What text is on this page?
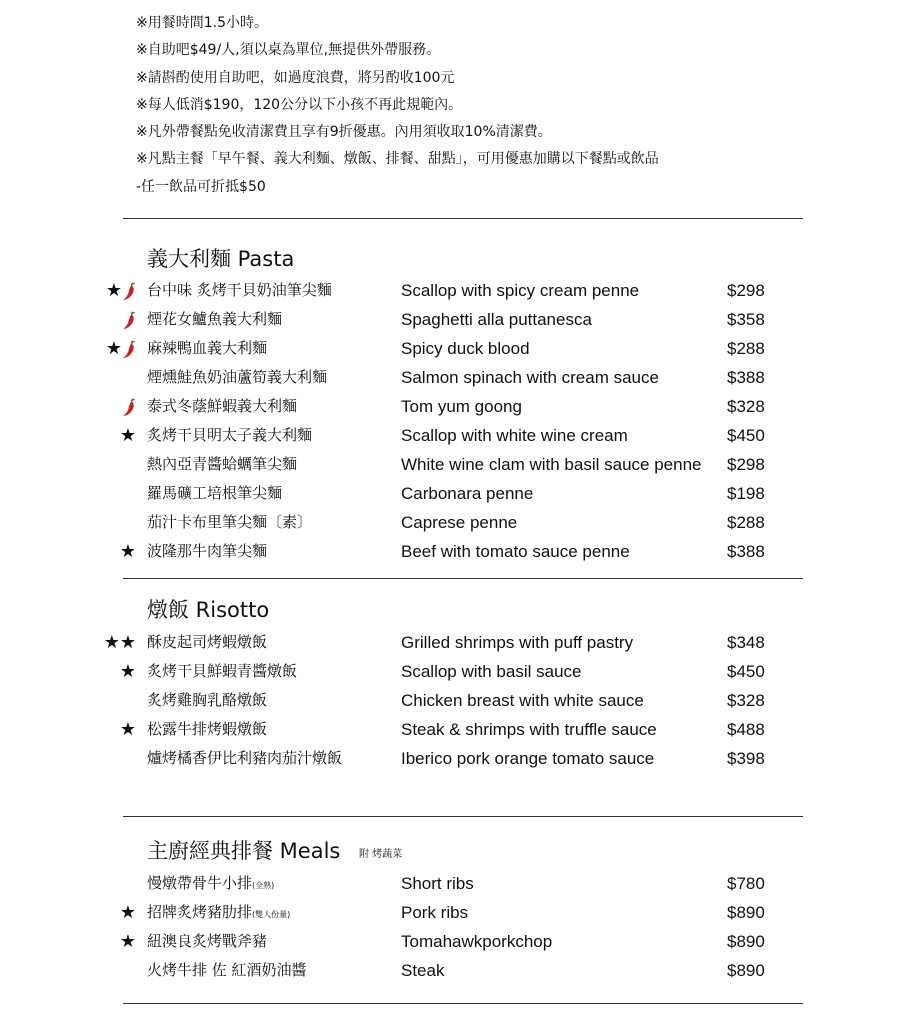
※用餐時間1.5小時。
※自助吧$49/人,須以桌為單位,無提供外帶服務。
※請斟酌使用自助吧，如過度浪費，將另酌收100元
※每人低消$190，120公分以下小孩不再此規範內。
※凡外帶餐點免收清潔費且享有9折優惠。內用須收取10%清潔費。
※凡點主餐「早午餐、義大利麵、燉飯、排餐、甜點」，可用優惠加購以下餐點或飲品
-任一飲品可折抵$50
義大利麵 Pasta
★ 台中味 炙烤干貝奶油筆尖麵	Scallop with spicy cream penne	$298
煙花女鱸魚義大利麵	Spaghetti alla puttanesca	$358
★ 麻辣鴨血義大利麵	Spicy duck blood	$288
煙燻鮭魚奶油蘆筍義大利麵	Salmon spinach with cream sauce	$388
泰式冬蔭鮮蝦義大利麵	Tom yum goong	$328
★ 炙烤干貝明太子義大利麵	Scallop with white wine cream	$450
熱內亞青醬蛤蠣筆尖麵	White wine clam with basil sauce penne $298
羅馬礦工培根筆尖麵	Carbonara penne	$198
茄汁卡布里筆尖麵〔素〕	Caprese penne	$288
★ 波隆那牛肉筆尖麵	Beef with tomato sauce penne	$388
燉飯 Risotto
★★ 酥皮起司烤蝦燉飯	Grilled shrimps with puff pastry	$348
★ 炙烤干貝鮮蝦青醬燉飯	Scallop with basil sauce	$450
炙烤雞胸乳酪燉飯	Chicken breast with white sauce	$328
★ 松露牛排烤蝦燉飯	Steak & shrimps with truffle sauce	$488
爐烤橘香伊比利豬肉茄汁燉飯	Iberico pork orange tomato sauce	$398
主廚經典排餐 Meals 附 烤蔬菜
慢燉帶骨牛小排(全熟)	Short ribs	$780
★ 招牌炙烤豬肋排(雙人份量)	Pork ribs	$890
★ 紐澳良炙烤戰斧豬	Tomahawkporkchop	$890
火烤牛排 佐 紅酒奶油醬	Steak	$890
